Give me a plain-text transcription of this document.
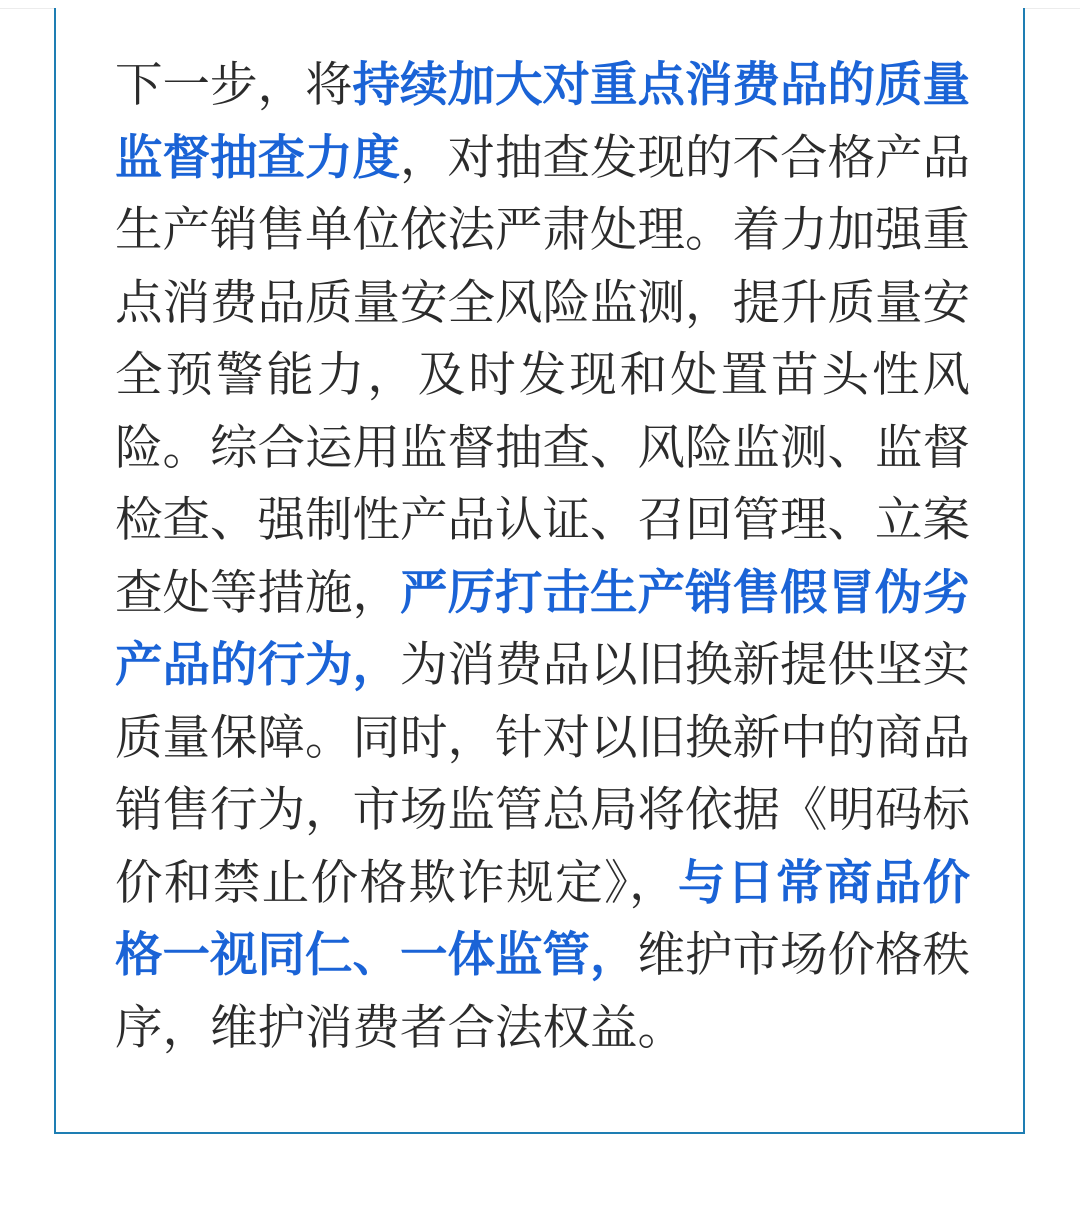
下一步，将持续加大对重点消费品的质量监督抽查力度，对抽查发现的不合格产品生产销售单位依法严肃处理。着力加强重点消费品质量安全风险监测，提升质量安全预警能力，及时发现和处置苗头性风险。综合运用监督抽查、风险监测、监督检查、强制性产品认证、召回管理、立案查处等措施，严厉打击生产销售假冒伪劣产品的行为，为消费品以旧换新提供坚实质量保障。同时，针对以旧换新中的商品销售行为，市场监管总局将依据《明码标价和禁止价格欺诈规定》，与日常商品价格一视同仁、一体监管，维护市场价格秩序，维护消费者合法权益。
